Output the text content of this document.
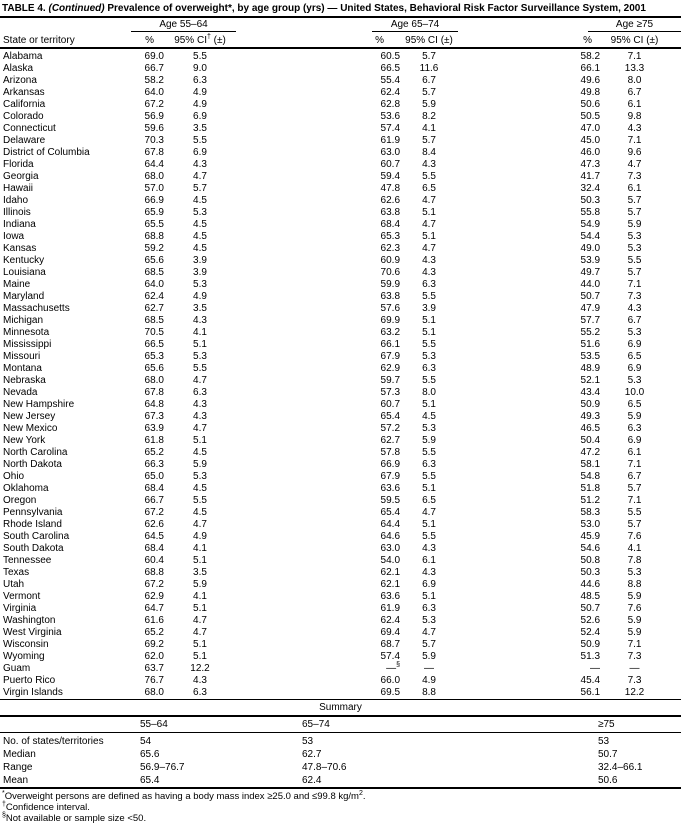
TABLE 4. (Continued) Prevalence of overweight*, by age group (yrs) — United States, Behavioral Risk Factor Surveillance System, 2001

	Age 55–64		Age 65–74		Age ≥75	

State or territory	%	95% CI† (±)	%	95% CI (±)	%	95% CI (±)
Alabama	69.0	5.5	60.5	5.7	58.2	7.1
Alaska	66.7	9.0	66.5	11.6	66.1	13.3
Arizona	58.2	6.3	55.4	6.7	49.6	8.0
Arkansas	64.0	4.9	62.4	5.7	49.8	6.7
California	67.2	4.9	62.8	5.9	50.6	6.1
Colorado	56.9	6.9	53.6	8.2	50.5	9.8
Connecticut	59.6	3.5	57.4	4.1	47.0	4.3
Delaware	70.3	5.5	61.9	5.7	45.0	7.1
District of Columbia	67.8	6.9	63.0	8.4	46.0	9.6
Florida	64.4	4.3	60.7	4.3	47.3	4.7
Georgia	68.0	4.7	59.4	5.5	41.7	7.3
Hawaii	57.0	5.7	47.8	6.5	32.4	6.1
Idaho	66.9	4.5	62.6	4.7	50.3	5.7
Illinois	65.9	5.3	63.8	5.1	55.8	5.7
Indiana	65.5	4.5	68.4	4.7	54.9	5.9
Iowa	68.8	4.5	65.3	5.1	54.4	5.3
Kansas	59.2	4.5	62.3	4.7	49.0	5.3
Kentucky	65.6	3.9	60.9	4.3	53.9	5.5
Louisiana	68.5	3.9	70.6	4.3	49.7	5.7
Maine	64.0	5.3	59.9	6.3	44.0	7.1
Maryland	62.4	4.9	63.8	5.5	50.7	7.3
Massachusetts	62.7	3.5	57.6	3.9	47.9	4.3
Michigan	68.5	4.3	69.9	5.1	57.7	6.7
Minnesota	70.5	4.1	63.2	5.1	55.2	5.3
Mississippi	66.5	5.1	66.1	5.5	51.6	6.9
Missouri	65.3	5.3	67.9	5.3	53.5	6.5
Montana	65.6	5.5	62.9	6.3	48.9	6.9
Nebraska	68.0	4.7	59.7	5.5	52.1	5.3
Nevada	67.8	6.3	57.3	8.0	43.4	10.0
New Hampshire	64.8	4.3	60.7	5.1	50.9	6.5
New Jersey	67.3	4.3	65.4	4.5	49.3	5.9
New Mexico	63.9	4.7	57.2	5.3	46.5	6.3
New York	61.8	5.1	62.7	5.9	50.4	6.9
North Carolina	65.2	4.5	57.8	5.5	47.2	6.1
North Dakota	66.3	5.9	66.9	6.3	58.1	7.1
Ohio	65.0	5.3	67.9	5.5	54.8	6.7
Oklahoma	68.4	4.5	63.6	5.1	51.8	5.7
Oregon	66.7	5.5	59.5	6.5	51.2	7.1
Pennsylvania	67.2	4.5	65.4	4.7	58.3	5.5
Rhode Island	62.6	4.7	64.4	5.1	53.0	5.7
South Carolina	64.5	4.9	64.6	5.5	45.9	7.6
South Dakota	68.4	4.1	63.0	4.3	54.6	4.1
Tennessee	60.4	5.1	54.0	6.1	50.8	7.8
Texas	68.8	3.5	62.1	4.3	50.3	5.3
Utah	67.2	5.9	62.1	6.9	44.6	8.8
Vermont	62.9	4.1	63.6	5.1	48.5	5.9
Virginia	64.7	5.1	61.9	6.3	50.7	7.6
Washington	61.6	4.7	62.4	5.3	52.6	5.9
West Virginia	65.2	4.7	69.4	4.7	52.4	5.9
Wisconsin	69.2	5.1	68.7	5.7	50.9	7.1
Wyoming	62.0	5.1	57.4	5.9	51.3	7.3
Guam	63.7	12.2	—§	—	—	—
Puerto Rico	76.7	4.3	66.0	4.9	45.4	7.3
Virgin Islands	68.0	6.3	69.5	8.8	56.1	12.2
Summary
	55–64	65–74	≥75
No. of states/territories	54	53	53
Median	65.6	62.7	50.7
Range	56.9–76.7	47.8–70.6	32.4–66.1
Mean	65.4	62.4	50.6
*Overweight persons are defined as having a body mass index ≥25.0 and ≤99.8 $kg/m^2$.
†Confidence interval.
§Not available or sample size <50.
